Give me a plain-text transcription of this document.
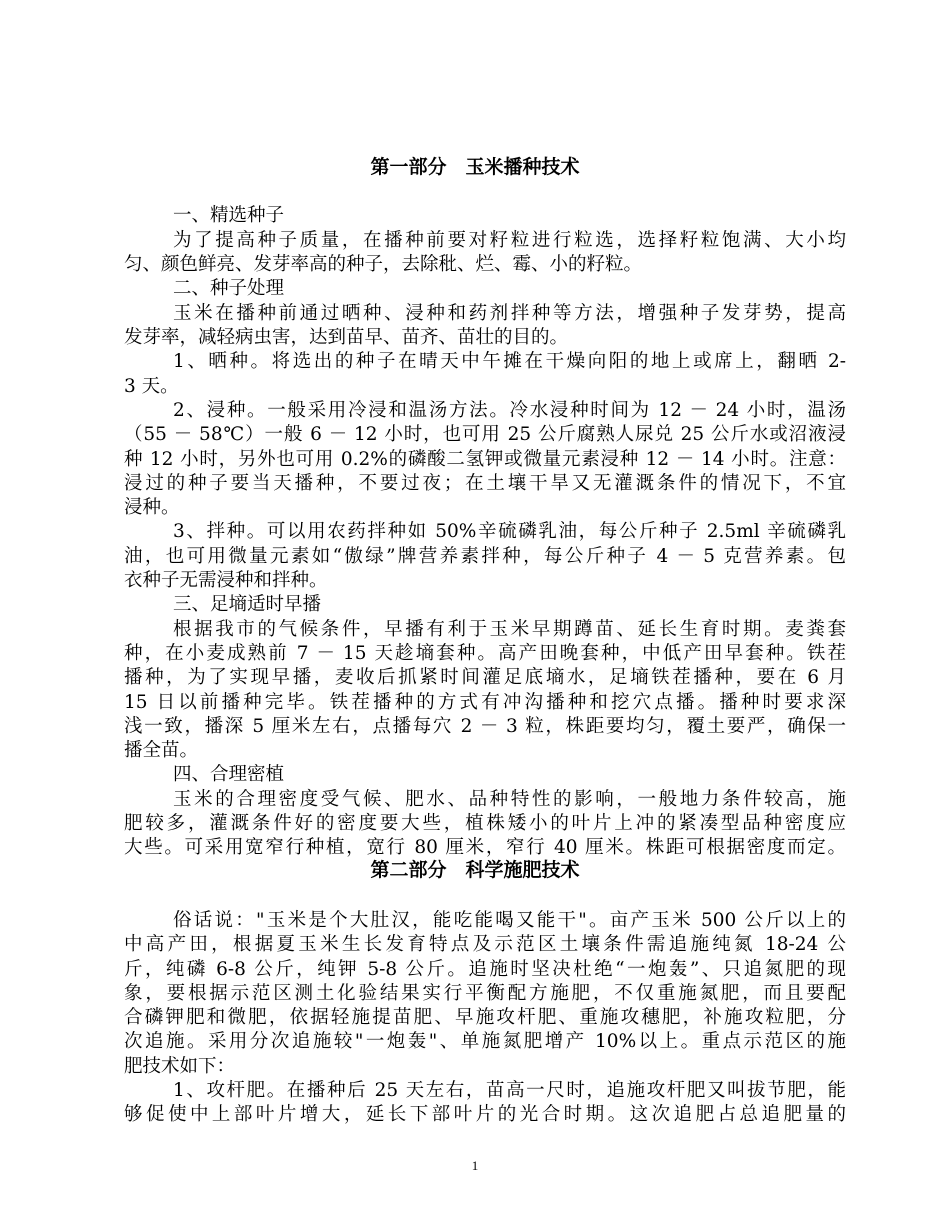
第一部分　玉米播种技术
一、精选种子
为了提高种子质量，在播种前要对籽粒进行粒选，选择籽粒饱满、大小均
匀、颜色鲜亮、发芽率高的种子，去除秕、烂、霉、小的籽粒。
二、种子处理
玉米在播种前通过晒种、浸种和药剂拌种等方法，增强种子发芽势，提高
发芽率，减轻病虫害，达到苗早、苗齐、苗壮的目的。
1、晒种。将选出的种子在晴天中午摊在干燥向阳的地上或席上，翻晒 2-
3 天。
2、浸种。一般采用冷浸和温汤方法。冷水浸种时间为 12 － 24 小时，温汤
（55 － 58℃）一般 6 － 12 小时，也可用 25 公斤腐熟人尿兑 25 公斤水或沼液浸
种 12 小时，另外也可用 0.2%的磷酸二氢钾或微量元素浸种 12 － 14 小时。注意：
浸过的种子要当天播种，不要过夜；在土壤干旱又无灌溉条件的情况下，不宜
浸种。
3、拌种。可以用农药拌种如 50%辛硫磷乳油，每公斤种子 2.5ml 辛硫磷乳
油，也可用微量元素如“傲绿”牌营养素拌种，每公斤种子 4 － 5 克营养素。包
衣种子无需浸种和拌种。
三、足墒适时早播
根据我市的气候条件，早播有利于玉米早期蹲苗、延长生育时期。麦粪套
种，在小麦成熟前 7 － 15 天趁墒套种。高产田晚套种，中低产田早套种。铁茬
播种，为了实现早播，麦收后抓紧时间灌足底墒水，足墒铁茬播种，要在 6 月
15 日以前播种完毕。铁茬播种的方式有冲沟播种和挖穴点播。播种时要求深
浅一致，播深 5 厘米左右，点播每穴 2 － 3 粒，株距要均匀，覆土要严，确保一
播全苗。
四、合理密植
玉米的合理密度受气候、肥水、品种特性的影响，一般地力条件较高，施
肥较多，灌溉条件好的密度要大些，植株矮小的叶片上冲的紧凑型品种密度应
大些。可采用宽窄行种植，宽行 80 厘米，窄行 40 厘米。株距可根据密度而定。
第二部分　科学施肥技术
俗话说："玉米是个大肚汉，能吃能喝又能干"。亩产玉米 500 公斤以上的
中高产田，根据夏玉米生长发育特点及示范区土壤条件需追施纯氮 18-24 公
斤，纯磷 6-8 公斤，纯钾 5-8 公斤。追施时坚决杜绝“一炮轰”、只追氮肥的现
象，要根据示范区测土化验结果实行平衡配方施肥，不仅重施氮肥，而且要配
合磷钾肥和微肥，依据轻施提苗肥、早施攻杆肥、重施攻穗肥，补施攻粒肥，分
次追施。采用分次追施较"一炮轰"、单施氮肥增产 10%以上。重点示范区的施
肥技术如下：
1、攻杆肥。在播种后 25 天左右，苗高一尺时，追施攻杆肥又叫拔节肥，能
够促使中上部叶片增大，延长下部叶片的光合时期。这次追肥占总追肥量的
1
